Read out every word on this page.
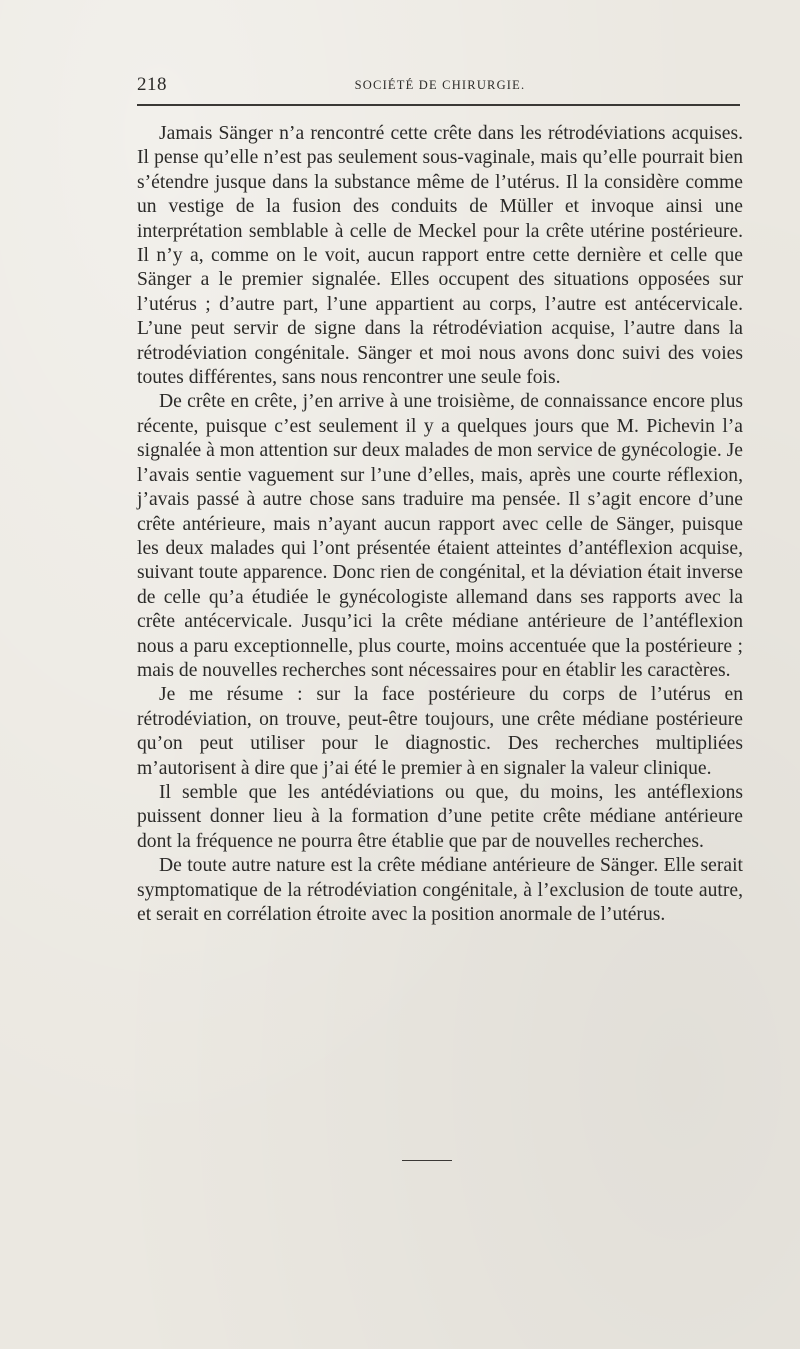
218	SOCIÉTÉ DE CHIRURGIE.

Jamais Sänger n’a rencontré cette crête dans les rétrodéviations acquises. Il pense qu’elle n’est pas seulement sous-vaginale, mais qu’elle pourrait bien s’étendre jusque dans la substance même de l’utérus. Il la considère comme un vestige de la fusion des conduits de Müller et invoque ainsi une interprétation semblable à celle de Meckel pour la crête utérine postérieure. Il n’y a, comme on le voit, aucun rapport entre cette dernière et celle que Sänger a le premier signalée. Elles occupent des situations opposées sur l’utérus ; d’autre part, l’une appartient au corps, l’autre est antécervicale. L’une peut servir de signe dans la rétrodéviation acquise, l’autre dans la rétrodéviation congénitale. Sänger et moi nous avons donc suivi des voies toutes différentes, sans nous rencontrer une seule fois.

De crête en crête, j’en arrive à une troisième, de connaissance encore plus récente, puisque c’est seulement il y a quelques jours que M. Pichevin l’a signalée à mon attention sur deux malades de mon service de gynécologie. Je l’avais sentie vaguement sur l’une d’elles, mais, après une courte réflexion, j’avais passé à autre chose sans traduire ma pensée. Il s’agit encore d’une crête antérieure, mais n’ayant aucun rapport avec celle de Sänger, puisque les deux malades qui l’ont présentée étaient atteintes d’antéflexion acquise, suivant toute apparence. Donc rien de congénital, et la déviation était inverse de celle qu’a étudiée le gynécologiste allemand dans ses rapports avec la crête antécervicale. Jusqu’ici la crête médiane antérieure de l’antéflexion nous a paru exceptionnelle, plus courte, moins accentuée que la postérieure ; mais de nouvelles recherches sont nécessaires pour en établir les caractères.

Je me résume : sur la face postérieure du corps de l’utérus en rétrodéviation, on trouve, peut-être toujours, une crête médiane postérieure qu’on peut utiliser pour le diagnostic. Des recherches multipliées m’autorisent à dire que j’ai été le premier à en signaler la valeur clinique.

Il semble que les antédéviations ou que, du moins, les antéflexions puissent donner lieu à la formation d’une petite crête médiane antérieure dont la fréquence ne pourra être établie que par de nouvelles recherches.

De toute autre nature est la crête médiane antérieure de Sänger. Elle serait symptomatique de la rétrodéviation congénitale, à l’exclusion de toute autre, et serait en corrélation étroite avec la position anormale de l’utérus.
